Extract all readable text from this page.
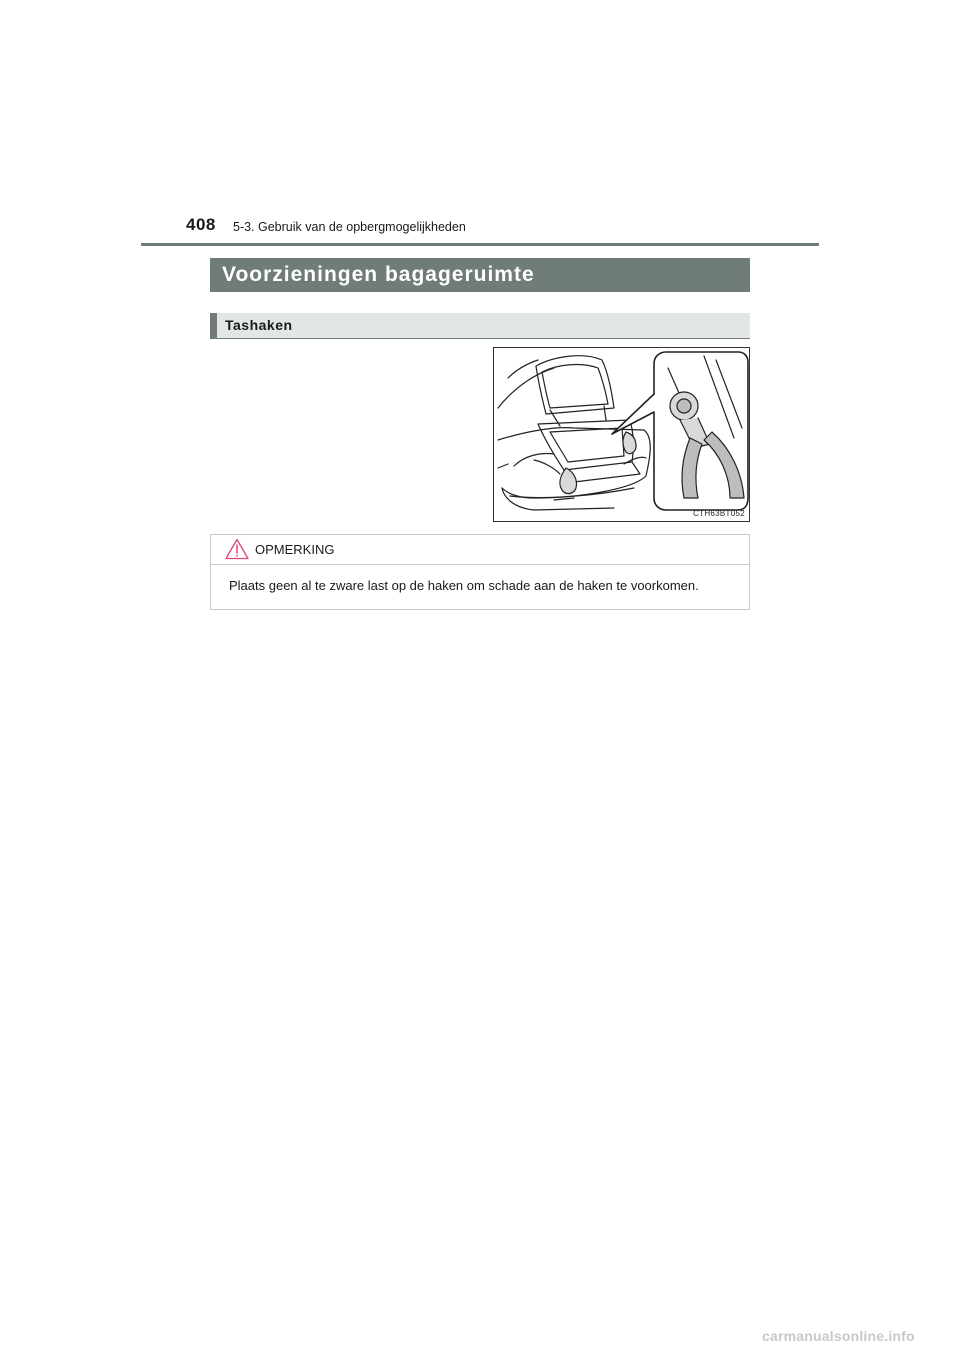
408 5-3. Gebruik van de opbergmogelijkheden
Voorzieningen bagageruimte
Tashaken
CTH63BT052
OPMERKING
Plaats geen al te zware last op de haken om schade aan de haken te voorkomen.
carmanualsonline.info
